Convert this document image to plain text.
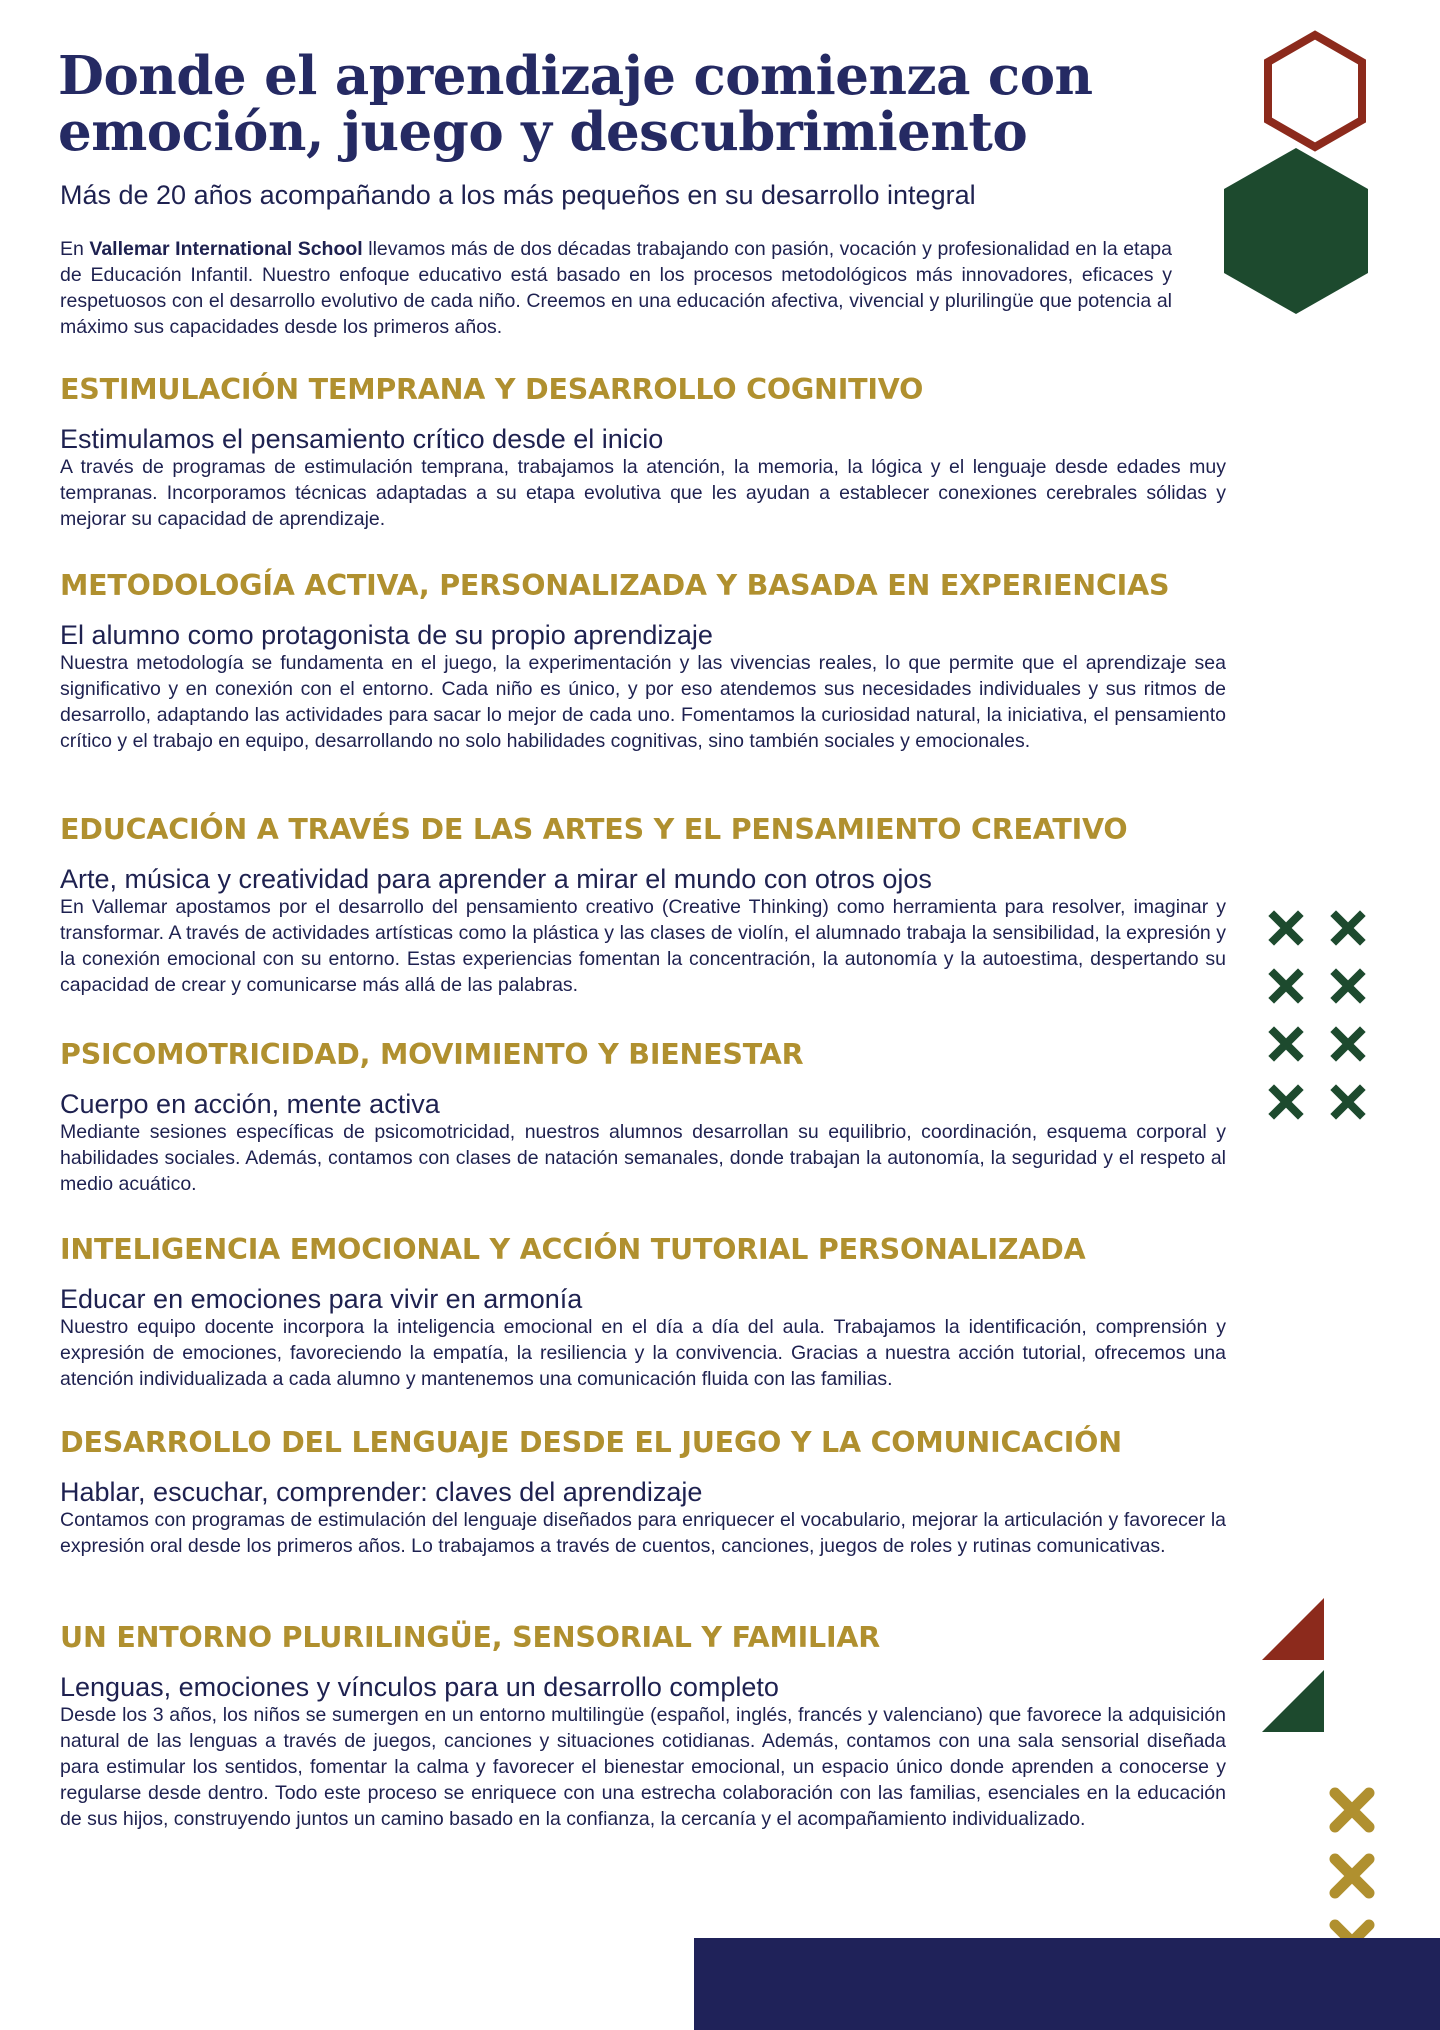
Donde el aprendizaje comienza con
emoción, juego y descubrimiento
Más de 20 años acompañando a los más pequeños en su desarrollo integral

En Vallemar International School llevamos más de dos décadas trabajando con pasión, vocación y profesionalidad en la etapa de Educación Infantil. Nuestro enfoque educativo está basado en los procesos metodológicos más innovadores, eficaces y respetuosos con el desarrollo evolutivo de cada niño. Creemos en una educación afectiva, vivencial y plurilingüe que potencia al máximo sus capacidades desde los primeros años.

ESTIMULACIÓN TEMPRANA Y DESARROLLO COGNITIVO
Estimulamos el pensamiento crítico desde el inicio

A través de programas de estimulación temprana, trabajamos la atención, la memoria, la lógica y el lenguaje desde edades muy tempranas. Incorporamos técnicas adaptadas a su etapa evolutiva que les ayudan a establecer conexiones cerebrales sólidas y mejorar su capacidad de aprendizaje.

METODOLOGÍA ACTIVA, PERSONALIZADA Y BASADA EN EXPERIENCIAS
El alumno como protagonista de su propio aprendizaje

Nuestra metodología se fundamenta en el juego, la experimentación y las vivencias reales, lo que permite que el aprendizaje sea significativo y en conexión con el entorno. Cada niño es único, y por eso atendemos sus necesidades individuales y sus ritmos de desarrollo, adaptando las actividades para sacar lo mejor de cada uno. Fomentamos la curiosidad natural, la iniciativa, el pensamiento crítico y el trabajo en equipo, desarrollando no solo habilidades cognitivas, sino también sociales y emocionales.

EDUCACIÓN A TRAVÉS DE LAS ARTES Y EL PENSAMIENTO CREATIVO
Arte, música y creatividad para aprender a mirar el mundo con otros ojos

En Vallemar apostamos por el desarrollo del pensamiento creativo (Creative Thinking) como herramienta para resolver, imaginar y transformar. A través de actividades artísticas como la plástica y las clases de violín, el alumnado trabaja la sensibilidad, la expresión y la conexión emocional con su entorno. Estas experiencias fomentan la concentración, la autonomía y la autoestima, despertando su capacidad de crear y comunicarse más allá de las palabras.

PSICOMOTRICIDAD, MOVIMIENTO Y BIENESTAR
Cuerpo en acción, mente activa

Mediante sesiones específicas de psicomotricidad, nuestros alumnos desarrollan su equilibrio, coordinación, esquema corporal y habilidades sociales. Además, contamos con clases de natación semanales, donde trabajan la autonomía, la seguridad y el respeto al medio acuático.

INTELIGENCIA EMOCIONAL Y ACCIÓN TUTORIAL PERSONALIZADA
Educar en emociones para vivir en armonía

Nuestro equipo docente incorpora la inteligencia emocional en el día a día del aula. Trabajamos la identificación, comprensión y expresión de emociones, favoreciendo la empatía, la resiliencia y la convivencia. Gracias a nuestra acción tutorial, ofrecemos una atención individualizada a cada alumno y mantenemos una comunicación fluida con las familias.

DESARROLLO DEL LENGUAJE DESDE EL JUEGO Y LA COMUNICACIÓN
Hablar, escuchar, comprender: claves del aprendizaje

Contamos con programas de estimulación del lenguaje diseñados para enriquecer el vocabulario, mejorar la articulación y favorecer la expresión oral desde los primeros años. Lo trabajamos a través de cuentos, canciones, juegos de roles y rutinas comunicativas.

UN ENTORNO PLURILINGÜE, SENSORIAL Y FAMILIAR
Lenguas, emociones y vínculos para un desarrollo completo

Desde los 3 años, los niños se sumergen en un entorno multilingüe (español, inglés, francés y valenciano) que favorece la adquisición natural de las lenguas a través de juegos, canciones y situaciones cotidianas. Además, contamos con una sala sensorial diseñada para estimular los sentidos, fomentar la calma y favorecer el bienestar emocional, un espacio único donde aprenden a conocerse y regularse desde dentro. Todo este proceso se enriquece con una estrecha colaboración con las familias, esenciales en la educación de sus hijos, construyendo juntos un camino basado en la confianza, la cercanía y el acompañamiento individualizado.
